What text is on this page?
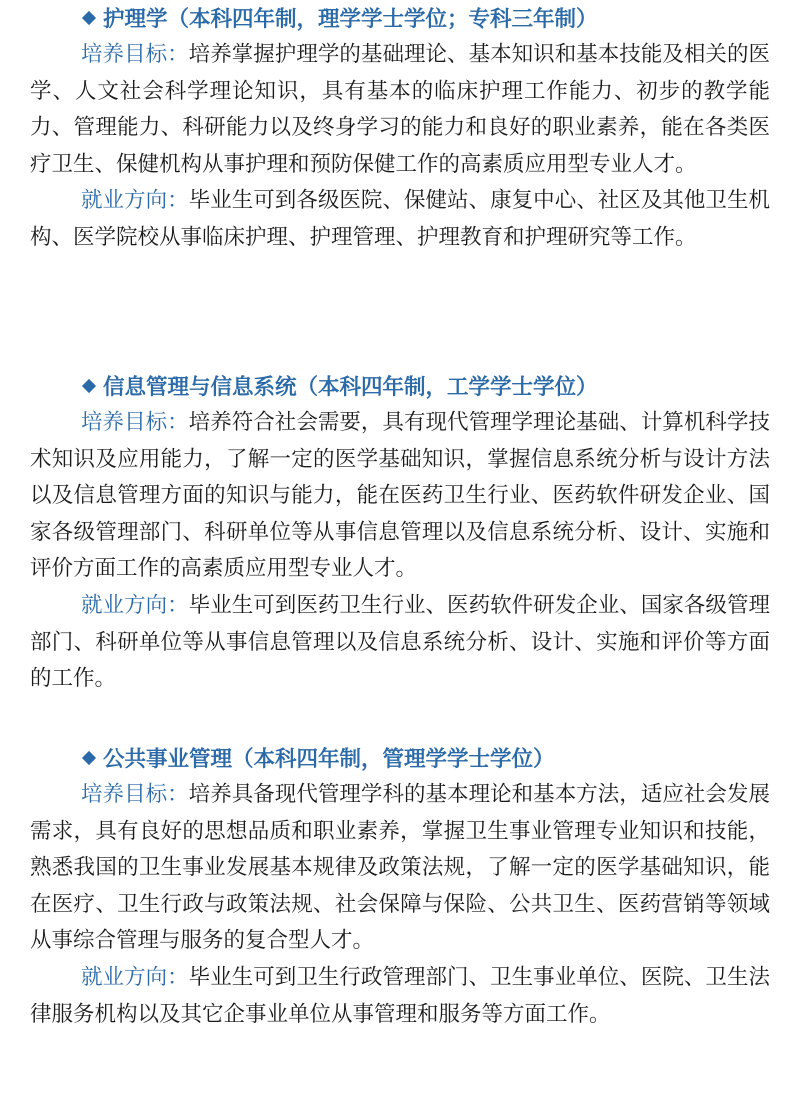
护理学（本科四年制，理学学士学位；专科三年制）

培养目标：培养掌握护理学的基础理论、基本知识和基本技能及相关的医学、人文社会科学理论知识，具有基本的临床护理工作能力、初步的教学能力、管理能力、科研能力以及终身学习的能力和良好的职业素养，能在各类医疗卫生、保健机构从事护理和预防保健工作的高素质应用型专业人才。

就业方向：毕业生可到各级医院、保健站、康复中心、社区及其他卫生机构、医学院校从事临床护理、护理管理、护理教育和护理研究等工作。

信息管理与信息系统（本科四年制，工学学士学位）

培养目标：培养符合社会需要，具有现代管理学理论基础、计算机科学技术知识及应用能力，了解一定的医学基础知识，掌握信息系统分析与设计方法以及信息管理方面的知识与能力，能在医药卫生行业、医药软件研发企业、国家各级管理部门、科研单位等从事信息管理以及信息系统分析、设计、实施和评价方面工作的高素质应用型专业人才。

就业方向：毕业生可到医药卫生行业、医药软件研发企业、国家各级管理部门、科研单位等从事信息管理以及信息系统分析、设计、实施和评价等方面的工作。

公共事业管理（本科四年制，管理学学士学位）

培养目标：培养具备现代管理学科的基本理论和基本方法，适应社会发展需求，具有良好的思想品质和职业素养，掌握卫生事业管理专业知识和技能，熟悉我国的卫生事业发展基本规律及政策法规，了解一定的医学基础知识，能在医疗、卫生行政与政策法规、社会保障与保险、公共卫生、医药营销等领域从事综合管理与服务的复合型人才。

就业方向：毕业生可到卫生行政管理部门、卫生事业单位、医院、卫生法律服务机构以及其它企事业单位从事管理和服务等方面工作。
